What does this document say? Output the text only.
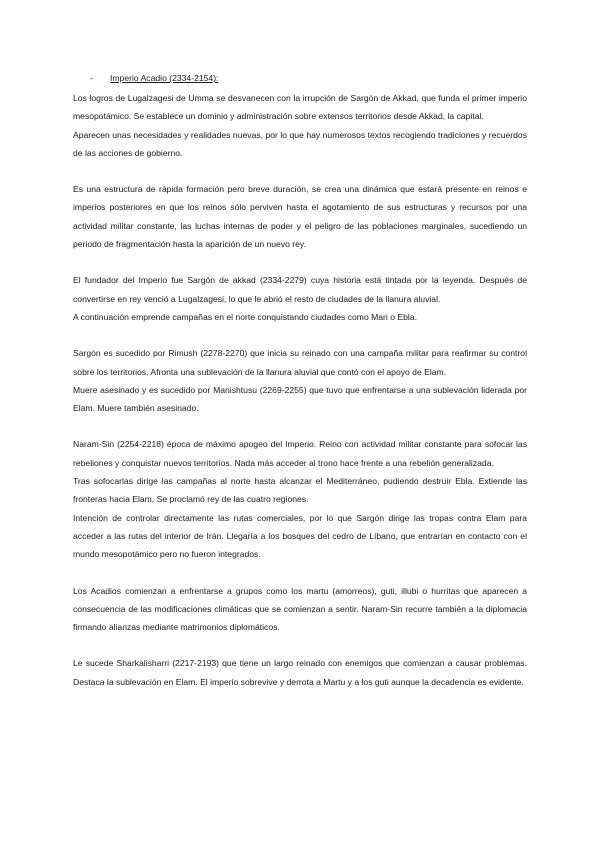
- Imperio Acadio (2334-2154):

Los logros de Lugalzagesi de Umma se desvanecen con la irrupción de Sargón de Akkad, que funda el primer imperio mesopotámico. Se establece un dominio y administración sobre extensos territorios desde Akkad, la capital.

Aparecen unas necesidades y realidades nuevas, por lo que hay numerosos textos recogiendo tradiciones y recuerdos de las acciones de gobierno.

Es una estructura de rápida formación pero breve duración, se crea una dinámica que estará presente en reinos e imperios posteriores en que los reinos sólo perviven hasta el agotamiento de sus estructuras y recursos por una actividad militar constante, las luchas internas de poder y el peligro de las poblaciones marginales, sucediendo un periodo de fragmentación hasta la aparición de un nuevo rey.

El fundador del Imperio fue Sargón de akkad (2334-2279) cuya historia está tintada por la leyenda. Después de convertirse en rey venció a Lugalzagesi, lo que le abrió el resto de ciudades de la llanura aluvial.

A continuación emprende campañas en el norte conquistando ciudades como Mari o Ebla.

Sargón es sucedido por Rimush (2278-2270) que inicia su reinado con una campaña militar para reafirmar su control sobre los territorios. Afronta una sublevación de la llanura aluvial que contó con el apoyo de Elam.

Muere asesinado y es sucedido por Manishtusu (2269-2255) que tuvo que enfrentarse a una sublevación liderada por Elam. Muere también asesinado.

Naram-Sin (2254-2218) época de máximo apogeo del Imperio. Reino con actividad militar constante para sofocar las rebeliones y conquistar nuevos territorios. Nada más acceder al trono hace frente a una rebelión generalizada.

Tras sofocarlas dirige las campañas al norte hasta alcanzar el Mediterráneo, pudiendo destruir Ebla. Extiende las fronteras hacia Elam. Se proclamó rey de las cuatro regiones.

Intención de controlar directamente las rutas comerciales, por lo que Sargón dirige las tropas contra Elam para acceder a las rutas del interior de Irán. Llegaría a los bosques del cedro de Líbano, que entrarían en contacto con el mundo mesopotámico pero no fueron integrados.

Los Acadios comienzan a enfrentarse a grupos como los martu (amorreos), guti, illubi o hurritas que aparecen a consecuencia de las modificaciones climáticas que se comienzan a sentir. Naram-Sin recurre también a la diplomacia firmando alianzas mediante matrimonios diplomáticos.

Le sucede Sharkalisharri (2217-2193) que tiene un largo reinado con enemigos que comienzan a causar problemas. Destaca la sublevación en Elam. El imperio sobrevive y derrota a Martu y a los guti aunque la decadencia es evidente.
